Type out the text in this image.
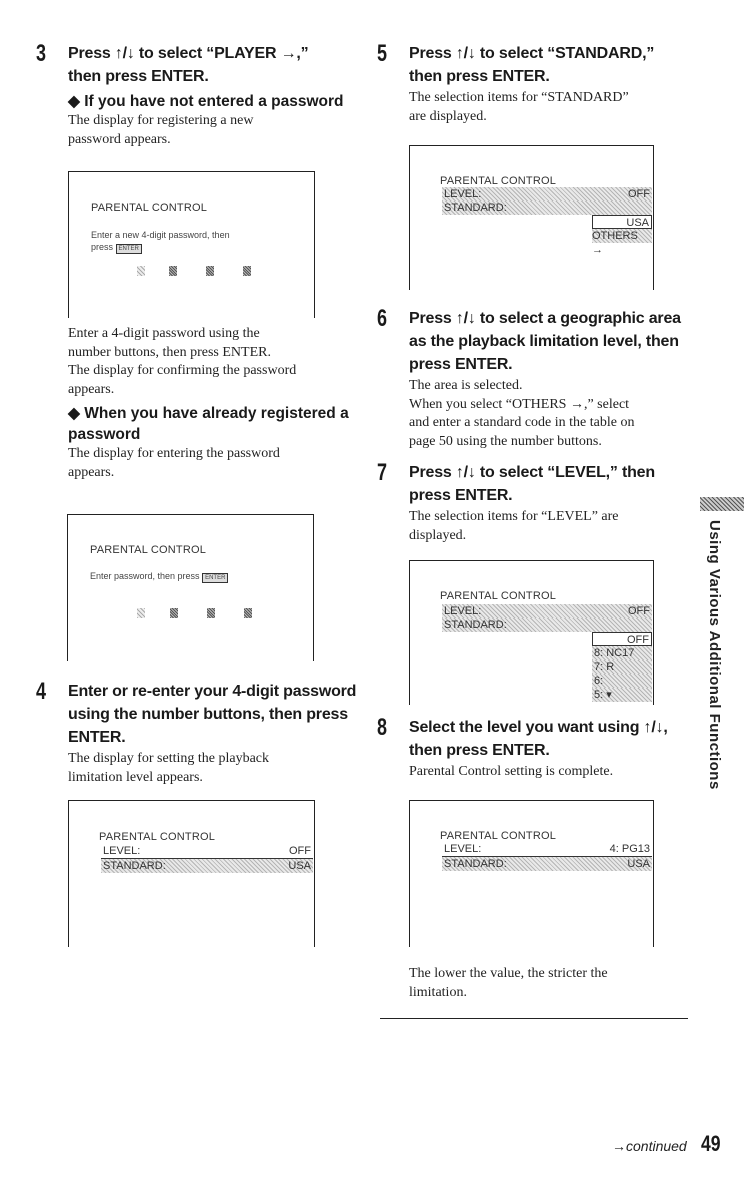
3 Press ↑/↓ to select “PLAYER →,”

then press ENTER.

◆ If you have not entered a password

The display for registering a new

password appears.

PARENTAL CONTROL
Enter a new 4-digit password, then
press ENTER

Enter a 4-digit password using the

number buttons, then press ENTER.

The display for confirming the password

appears.

◆ When you have already registered a

password

The display for entering the password

appears.

PARENTAL CONTROL
Enter password, then press ENTER
4 Enter or re-enter your 4-digit password

using the number buttons, then press

ENTER.

The display for setting the playback

limitation level appears.

PARENTAL CONTROL
LEVEL:	OFF
STANDARD:	USA
5 Press ↑/↓ to select “STANDARD,”

then press ENTER.

The selection items for “STANDARD”

are displayed.

PARENTAL CONTROL
LEVEL:	OFF
STANDARD:
USA
OTHERS →
6 Press ↑/↓ to select a geographic area

as the playback limitation level, then

press ENTER.

The area is selected.

When you select “OTHERS →,” select

and enter a standard code in the table on

page 50 using the number buttons.

7 Press ↑/↓ to select “LEVEL,” then

press ENTER.

The selection items for “LEVEL” are

displayed.

PARENTAL CONTROL
LEVEL:	OFF
STANDARD:
OFF
8: NC17
7: R
6:
5: ▾
8 Select the level you want using ↑/↓,

then press ENTER.

Parental Control setting is complete.

PARENTAL CONTROL
LEVEL:	4: PG13
STANDARD:	USA

The lower the value, the stricter the

limitation.

Using Various Additional Functions
→continued 49
